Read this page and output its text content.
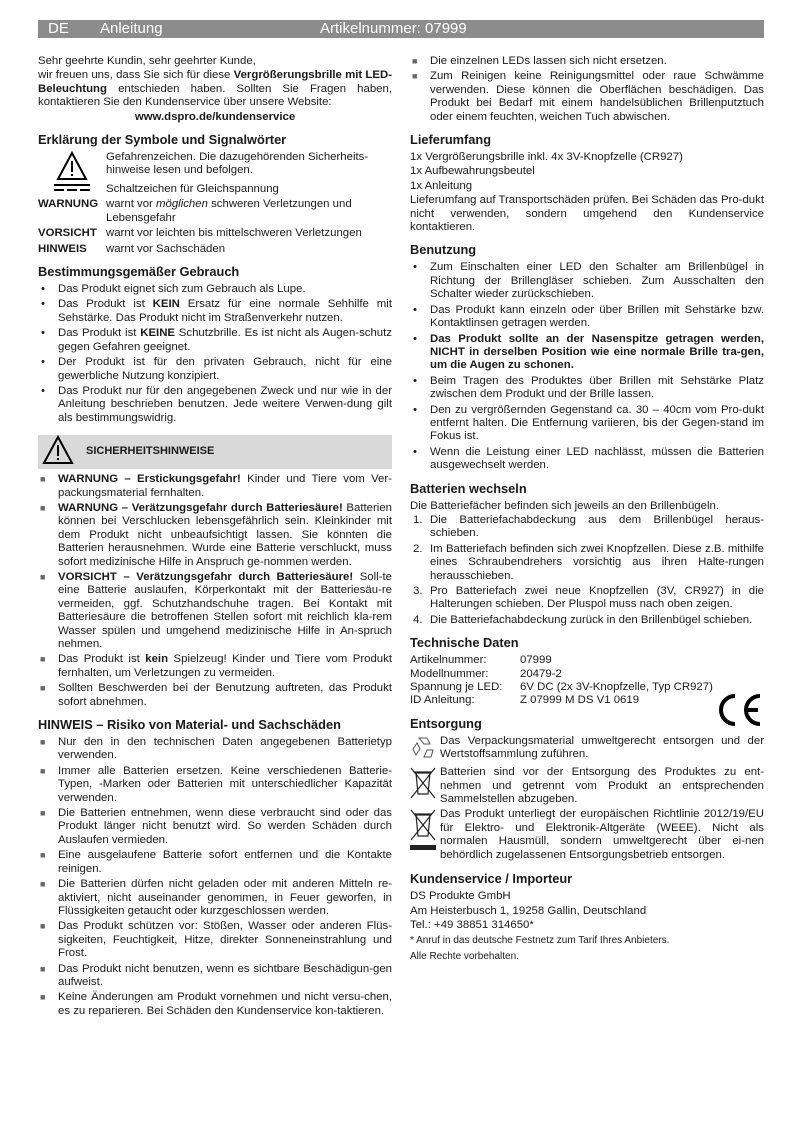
DE Anleitung	Artikelnummer: 07999

Sehr geehrte Kundin, sehr geehrter Kunde,

wir freuen uns, dass Sie sich für diese Vergrößerungsbrille mit LED-Beleuchtung entschieden haben. Sollten Sie Fragen haben, kontaktieren Sie den Kundenservice über unsere Website:

www.dspro.de/kundenservice

Erklärung der Symbole und Signalwörter
Gefahrenzeichen. Die dazugehörenden Sicherheits-hinweise lesen und befolgen.
Schaltzeichen für Gleichspannung
WARNUNG warnt vor möglichen schweren Verletzungen und Lebensgefahr
VORSICHT warnt vor leichten bis mittelschweren Verletzungen
HINWEIS	warnt vor Sachschäden
Bestimmungsgemäßer Gebrauch
• Das Produkt eignet sich zum Gebrauch als Lupe.
• Das Produkt ist KEIN Ersatz für eine normale Sehhilfe mit Sehstärke. Das Produkt nicht im Straßenverkehr nutzen.
• Das Produkt ist KEINE Schutzbrille. Es ist nicht als Augen-schutz gegen Gefahren geeignet.
• Der Produkt ist für den privaten Gebrauch, nicht für eine gewerbliche Nutzung konzipiert.
• Das Produkt nur für den angegebenen Zweck und nur wie in der Anleitung beschrieben benutzen. Jede weitere Verwen-dung gilt als bestimmungswidrig.
SICHERHEITSHINWEISE
■ WARNUNG – Erstickungsgefahr! Kinder und Tiere vom Ver-packungsmaterial fernhalten.
■ WARNUNG – Verätzungsgefahr durch Batteriesäure! Batterien können bei Verschlucken lebensgefährlich sein. Kleinkinder mit dem Produkt nicht unbeaufsichtigt lassen. Sie könnten die Batterien herausnehmen. Wurde eine Batterie verschluckt, muss sofort medizinische Hilfe in Anspruch ge-nommen werden.
■ VORSICHT – Verätzungsgefahr durch Batteriesäure! Soll-te eine Batterie auslaufen, Körperkontakt mit der Batteriesäu-re vermeiden, ggf. Schutzhandschuhe tragen. Bei Kontakt mit Batteriesäure die betroffenen Stellen sofort mit reichlich kla-rem Wasser spülen und umgehend medizinische Hilfe in An-spruch nehmen.
■ Das Produkt ist kein Spielzeug! Kinder und Tiere vom Produkt fernhalten, um Verletzungen zu vermeiden.
■ Sollten Beschwerden bei der Benutzung auftreten, das Produkt sofort abnehmen.
HINWEIS – Risiko von Material- und Sachschäden
■ Nur den in den technischen Daten angegebenen Batterietyp verwenden.
■ Immer alle Batterien ersetzen. Keine verschiedenen Batterie-Typen, -Marken oder Batterien mit unterschiedlicher Kapazität verwenden.
■ Die Batterien entnehmen, wenn diese verbraucht sind oder das Produkt länger nicht benutzt wird. So werden Schäden durch Auslaufen vermieden.
■ Eine ausgelaufene Batterie sofort entfernen und die Kontakte reinigen.
■ Die Batterien dürfen nicht geladen oder mit anderen Mitteln re-aktiviert, nicht auseinander genommen, in Feuer geworfen, in Flüssigkeiten getaucht oder kurzgeschlossen werden.
■ Das Produkt schützen vor: Stößen, Wasser oder anderen Flüs-sigkeiten, Feuchtigkeit, Hitze, direkter Sonneneinstrahlung und Frost.
■ Das Produkt nicht benutzen, wenn es sichtbare Beschädigun-gen aufweist.
■ Keine Änderungen am Produkt vornehmen und nicht versu-chen, es zu reparieren. Bei Schäden den Kundenservice kon-taktieren.
■ Die einzelnen LEDs lassen sich nicht ersetzen.
■ Zum Reinigen keine Reinigungsmittel oder raue Schwämme verwenden. Diese können die Oberflächen beschädigen. Das Produkt bei Bedarf mit einem handelsüblichen Brillenputztuch oder einem feuchten, weichen Tuch abwischen.
Lieferumfang

1x Vergrößerungsbrille inkl. 4x 3V-Knopfzelle (CR927)

1x Aufbewahrungsbeutel

1x Anleitung

Lieferumfang auf Transportschäden prüfen. Bei Schäden das Pro-dukt nicht verwenden, sondern umgehend den Kundenservice kontaktieren.

Benutzung
• Zum Einschalten einer LED den Schalter am Brillenbügel in Richtung der Brillengläser schieben. Zum Ausschalten den Schalter wieder zurückschieben.
• Das Produkt kann einzeln oder über Brillen mit Sehstärke bzw. Kontaktlinsen getragen werden.
• Das Produkt sollte an der Nasenspitze getragen werden, NICHT in derselben Position wie eine normale Brille tra-gen, um die Augen zu schonen.
• Beim Tragen des Produktes über Brillen mit Sehstärke Platz zwischen dem Produkt und der Brille lassen.
• Den zu vergrößernden Gegenstand ca. 30 – 40cm vom Pro-dukt entfernt halten. Die Entfernung variieren, bis der Gegen-stand im Fokus ist.
• Wenn die Leistung einer LED nachlässt, müssen die Batterien ausgewechselt werden.
Batterien wechseln

Die Batteriefächer befinden sich jeweils an den Brillenbügeln.

1. Die Batteriefachabdeckung aus dem Brillenbügel heraus-schieben.
2. Im Batteriefach befinden sich zwei Knopfzellen. Diese z.B. mithilfe eines Schraubendrehers vorsichtig aus ihren Halte-rungen herausschieben.
3. Pro Batteriefach zwei neue Knopfzellen (3V, CR927) in die Halterungen schieben. Der Pluspol muss nach oben zeigen.
4. Die Batteriefachabdeckung zurück in den Brillenbügel schieben.
Technische Daten
Artikelnummer:	07999
Modellnummer:	20479-2
Spannung je LED:	6V DC (2x 3V-Knopfzelle, Typ CR927)
ID Anleitung:	Z 07999 M DS V1 0619
Entsorgung

Das Verpackungsmaterial umweltgerecht entsorgen und der Wertstoffsammlung zuführen.

Batterien sind vor der Entsorgung des Produktes zu ent-nehmen und getrennt vom Produkt an entsprechenden Sammelstellen abzugeben.

Das Produkt unterliegt der europäischen Richtlinie 2012/19/EU für Elektro- und Elektronik-Altgeräte (WEEE). Nicht als normalen Hausmüll, sondern umweltgerecht über ei-nen behördlich zugelassenen Entsorgungsbetrieb entsorgen.

Kundenservice / Importeur

DS Produkte GmbH

Am Heisterbusch 1, 19258 Gallin, Deutschland

Tel.: +49 38851 314650*

* Anruf in das deutsche Festnetz zum Tarif Ihres Anbieters.

Alle Rechte vorbehalten.
